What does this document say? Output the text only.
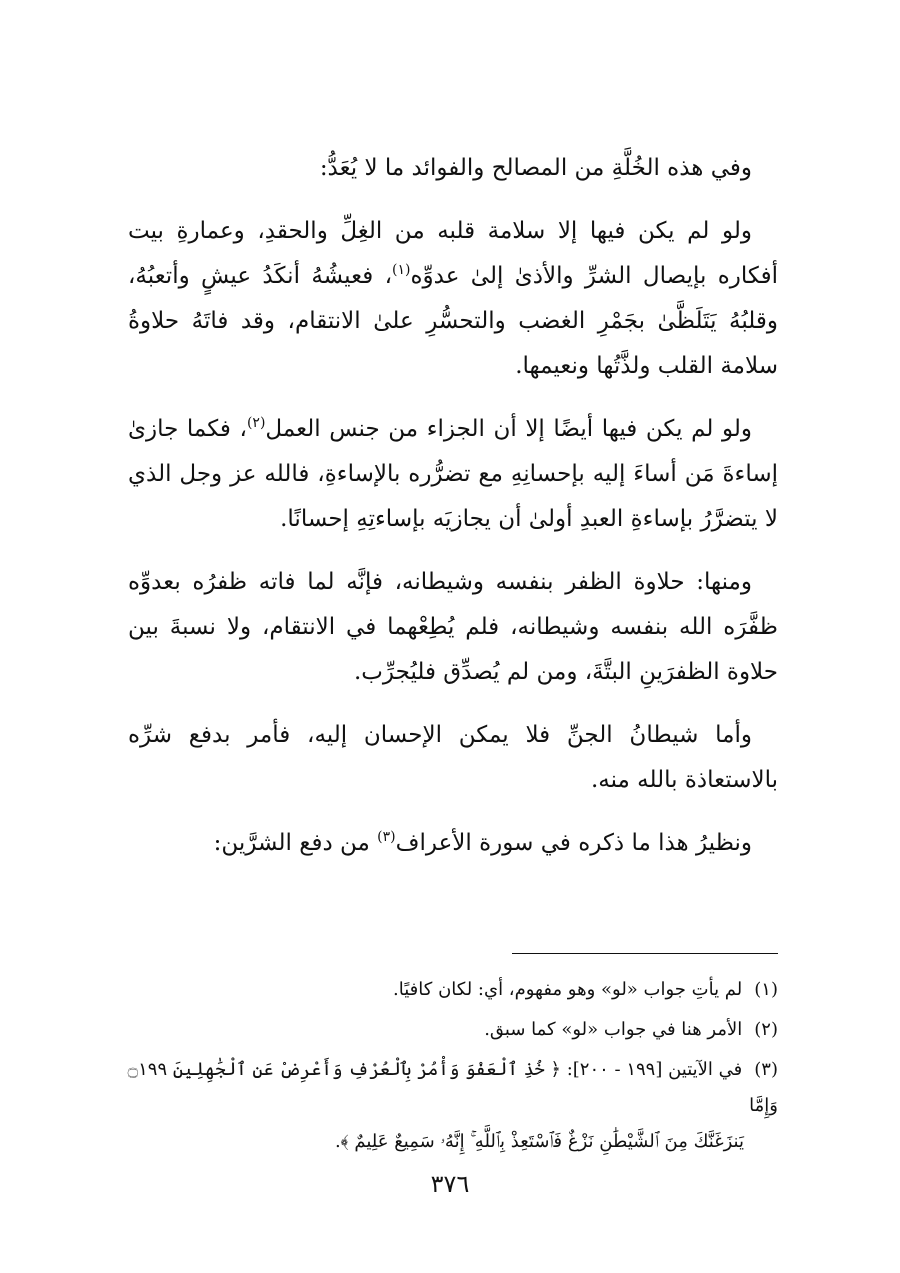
وفي هذه الخُلَّةِ من المصالح والفوائد ما لا يُعَدُّ:

ولو لم يكن فيها إلا سلامة قلبه من الغِلِّ والحقدِ، وعمارةِ بيت أفكاره بإيصال الشرِّ والأذىٰ إلىٰ عدوِّه$^{(١)}$، فعيشُهُ أنكَدُ عيشٍ وأتعبُهُ، وقلبُهُ يَتَلَظَّىٰ بجَمْرِ الغضب والتحسُّرِ علىٰ الانتقام، وقد فاتَهُ حلاوةُ سلامة القلب ولذَّتُها ونعيمها.

ولو لم يكن فيها أيضًا إلا أن الجزاء من جنس العمل$^{(٢)}$، فكما جازىٰ إساءةَ مَن أساءَ إليه بإحسانِهِ مع تضرُّره بالإساءةِ، فالله عز وجل الذي لا يتضرَّرُ بإساءةِ العبدِ أولىٰ أن يجازيَه بإساءتِهِ إحسانًا.

ومنها: حلاوة الظفر بنفسه وشيطانه، فإنَّه لما فاته ظفرُه بعدوِّه ظفَّرَه الله بنفسه وشيطانه، فلم يُطِعْهما في الانتقام، ولا نسبةَ بين حلاوة الظفرَينِ البتَّةَ، ومن لم يُصدِّق فليُجرِّب.

وأما شيطانُ الجنِّ فلا يمكن الإحسان إليه، فأمر بدفع شرِّه بالاستعاذة بالله منه.

ونظيرُ هذا ما ذكره في سورة الأعراف$^{(٣)}$ من دفع الشرَّين:

(١) لم يأتِ جواب «لو» وهو مفهوم، أي: لكان كافيًا.
(٢) الأمر هنا في جواب «لو» كما سبق.
(٣) في الآيتين [١٩٩ - ٢٠٠]: ﴿ خُذِ ٱلْعَفْوَ وَأْمُرْ بِٱلْعُرْفِ وَأَعْرِضْ عَنِ ٱلْجَٰهِلِينَ ۝١٩٩ وَإِمَّا
يَنزَغَنَّكَ مِنَ ٱلشَّيْطَٰنِ نَزْغٌ فَٱسْتَعِذْ بِٱللَّهِ ۚ إِنَّهُۥ سَمِيعٌ عَلِيمٌ ﴾.
٣٧٦
